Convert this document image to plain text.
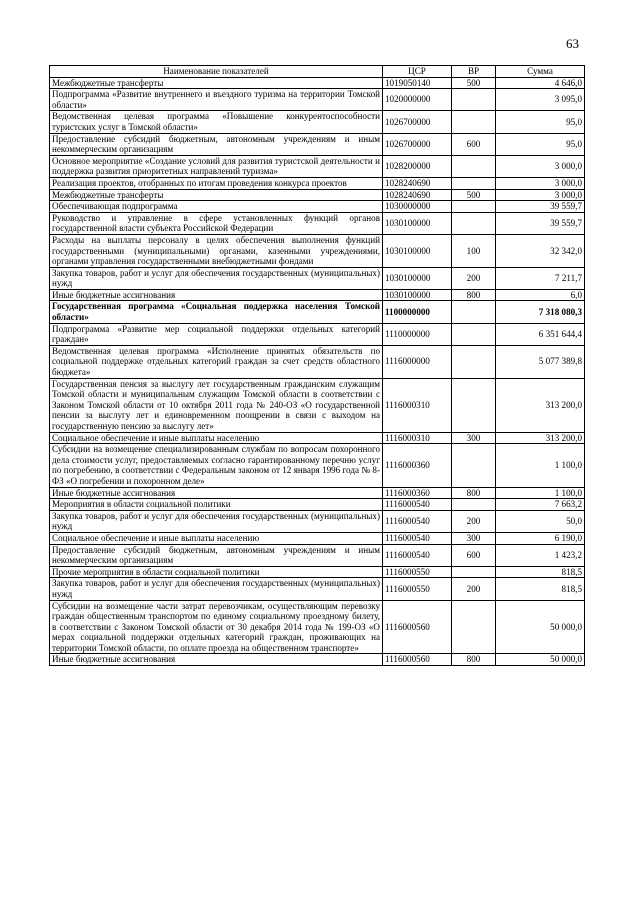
63
Наименование показателей	ЦСР	ВР	Сумма
Межбюджетные трансферты	1019050140	500	4 646,0
Подпрограмма «Развитие внутреннего и въездного туризма на территории Томской области»	1020000000		3 095,0
Ведомственная целевая программа «Повышение конкурентоспособности туристских услуг в Томской области»	1026700000		95,0
Предоставление субсидий бюджетным, автономным учреждениям и иным некоммерческим организациям	1026700000	600	95,0
Основное мероприятие «Создание условий для развития туристской деятельности и поддержка развития приоритетных направлений туризма»	1028200000		3 000,0
Реализация проектов, отобранных по итогам проведения конкурса проектов	1028240690		3 000,0
Межбюджетные трансферты	1028240690	500	3 000,0
Обеспечивающая подпрограмма	1030000000		39 559,7
Руководство и управление в сфере установленных функций органов государственной власти субъекта Российской Федерации	1030100000		39 559,7
Расходы на выплаты персоналу в целях обеспечения выполнения функций государственными (муниципальными) органами, казенными учреждениями, органами управления государственными внебюджетными фондами	1030100000	100	32 342,0
Закупка товаров, работ и услуг для обеспечения государственных (муниципальных) нужд	1030100000	200	7 211,7
Иные бюджетные ассигнования	1030100000	800	6,0
Государственная программа «Социальная поддержка населения Томской области»	1100000000		7 318 080,3
Подпрограмма «Развитие мер социальной поддержки отдельных категорий граждан»	1110000000		6 351 644,4
Ведомственная целевая программа «Исполнение принятых обязательств по социальной поддержке отдельных категорий граждан за счет средств областного бюджета»	1116000000		5 077 389,8
Государственная пенсия за выслугу лет государственным гражданским служащим Томской области и муниципальным служащим Томской области в соответствии с Законом Томской области от 10 октября 2011 года № 240-ОЗ «О государственной пенсии за выслугу лет и единовременном поощрении в связи с выходом на государственную пенсию за выслугу лет»	1116000310		313 200,0
Социальное обеспечение и иные выплаты населению	1116000310	300	313 200,0
Субсидии на возмещение специализированным службам по вопросам похоронного дела стоимости услуг, предоставляемых согласно гарантированному перечню услуг по погребению, в соответствии с Федеральным законом от 12 января 1996 года № 8-ФЗ «О погребении и похоронном деле»	1116000360		1 100,0
Иные бюджетные ассигнования	1116000360	800	1 100,0
Мероприятия в области социальной политики	1116000540		7 663,2
Закупка товаров, работ и услуг для обеспечения государственных (муниципальных) нужд	1116000540	200	50,0
Социальное обеспечение и иные выплаты населению	1116000540	300	6 190,0
Предоставление субсидий бюджетным, автономным учреждениям и иным некоммерческим организациям	1116000540	600	1 423,2
Прочие мероприятия в области социальной политики	1116000550		818,5
Закупка товаров, работ и услуг для обеспечения государственных (муниципальных) нужд	1116000550	200	818,5
Субсидии на возмещение части затрат перевозчикам, осуществляющим перевозку граждан общественным транспортом по единому социальному проездному билету, в соответствии с Законом Томской области от 30 декабря 2014 года № 199-ОЗ «О мерах социальной поддержки отдельных категорий граждан, проживающих на территории Томской области, по оплате проезда на общественном транспорте»	1116000560		50 000,0
Иные бюджетные ассигнования	1116000560	800	50 000,0
